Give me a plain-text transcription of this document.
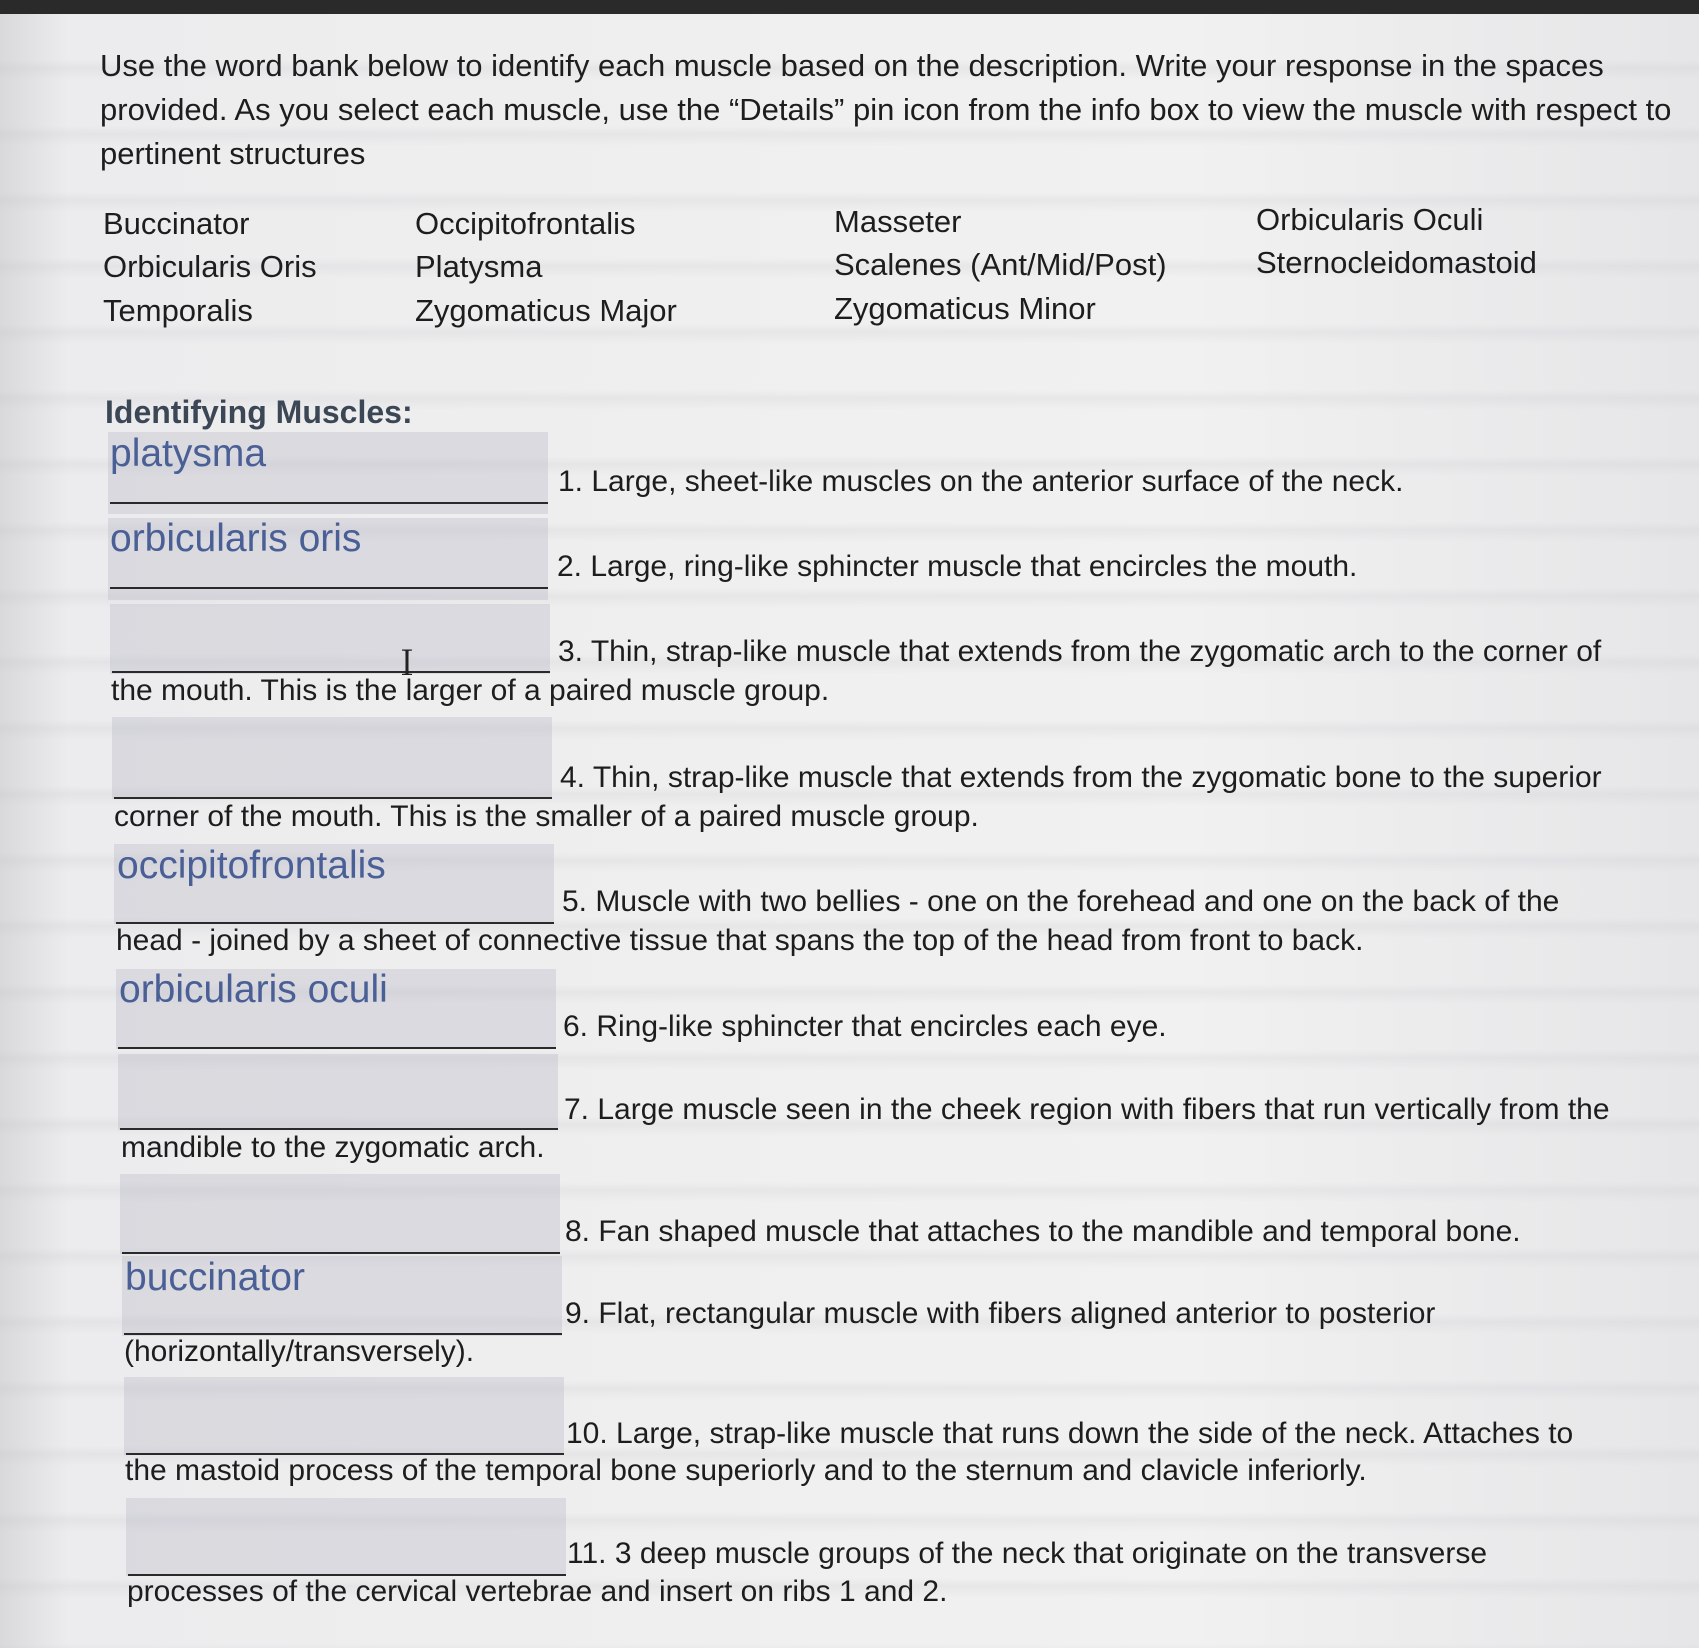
Use the word bank below to identify each muscle based on the description. Write your response in the spaces provided. As you select each muscle, use the “Details” pin icon from the info box to view the muscle with respect to pertinent structures
Buccinator
Orbicularis Oris
Temporalis
Occipitofrontalis
Platysma
Zygomaticus Major
Masseter
Scalenes (Ant/Mid/Post)
Zygomaticus Minor
Orbicularis Oculi
Sternocleidomastoid
Identifying Muscles:
platysma
1. Large, sheet-like muscles on the anterior surface of the neck.
orbicularis oris
2. Large, ring-like sphincter muscle that encircles the mouth.
Ｉ	3. Thin, strap-like muscle that extends from the zygomatic arch to the corner of
the mouth. This is the larger of a paired muscle group.
4. Thin, strap-like muscle that extends from the zygomatic bone to the superior
corner of the mouth. This is the smaller of a paired muscle group.
occipitofrontalis
5. Muscle with two bellies - one on the forehead and one on the back of the
head - joined by a sheet of connective tissue that spans the top of the head from front to back.
orbicularis oculi
6. Ring-like sphincter that encircles each eye.
7. Large muscle seen in the cheek region with fibers that run vertically from the
mandible to the zygomatic arch.
8. Fan shaped muscle that attaches to the mandible and temporal bone.
buccinator
9. Flat, rectangular muscle with fibers aligned anterior to posterior
(horizontally/transversely).
10. Large, strap-like muscle that runs down the side of the neck. Attaches to
the mastoid process of the temporal bone superiorly and to the sternum and clavicle inferiorly.
11. 3 deep muscle groups of the neck that originate on the transverse
processes of the cervical vertebrae and insert on ribs 1 and 2.
